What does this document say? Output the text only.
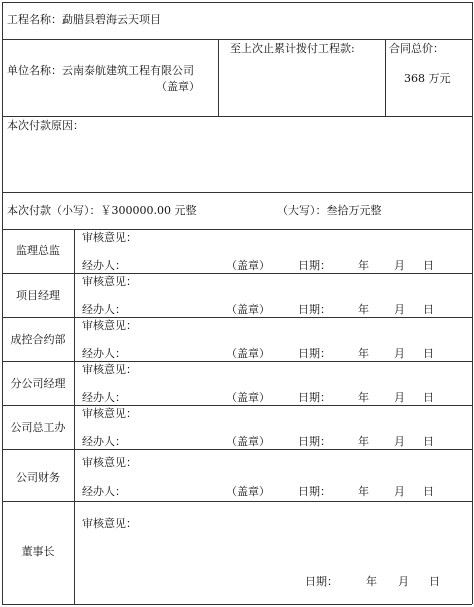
工程名称：勐腊县碧海云天项目
单位名称：云南泰航建筑工程有限公司
（盖章）
至上次止累计拨付工程款:	合同总价：
368 万元
本次付款原因：
本次付款（小写）：￥300000.00 元整	（大写）：叁拾万元整
监理总监
审核意见：
经办人：	（盖章）	日期： 年 月 日
项目经理
审核意见：
经办人：	（盖章）	日期： 年 月 日
成控合约部
审核意见：
经办人：	（盖章）	日期： 年 月 日
分公司经理
审核意见：
经办人：	（盖章）	日期： 年 月 日
公司总工办
审核意见：
经办人：	（盖章）	日期： 年 月 日
公司财务
审核意见：
经办人：	（盖章）	日期： 年 月 日
董事长
审核意见：
日期：	年 月 日
